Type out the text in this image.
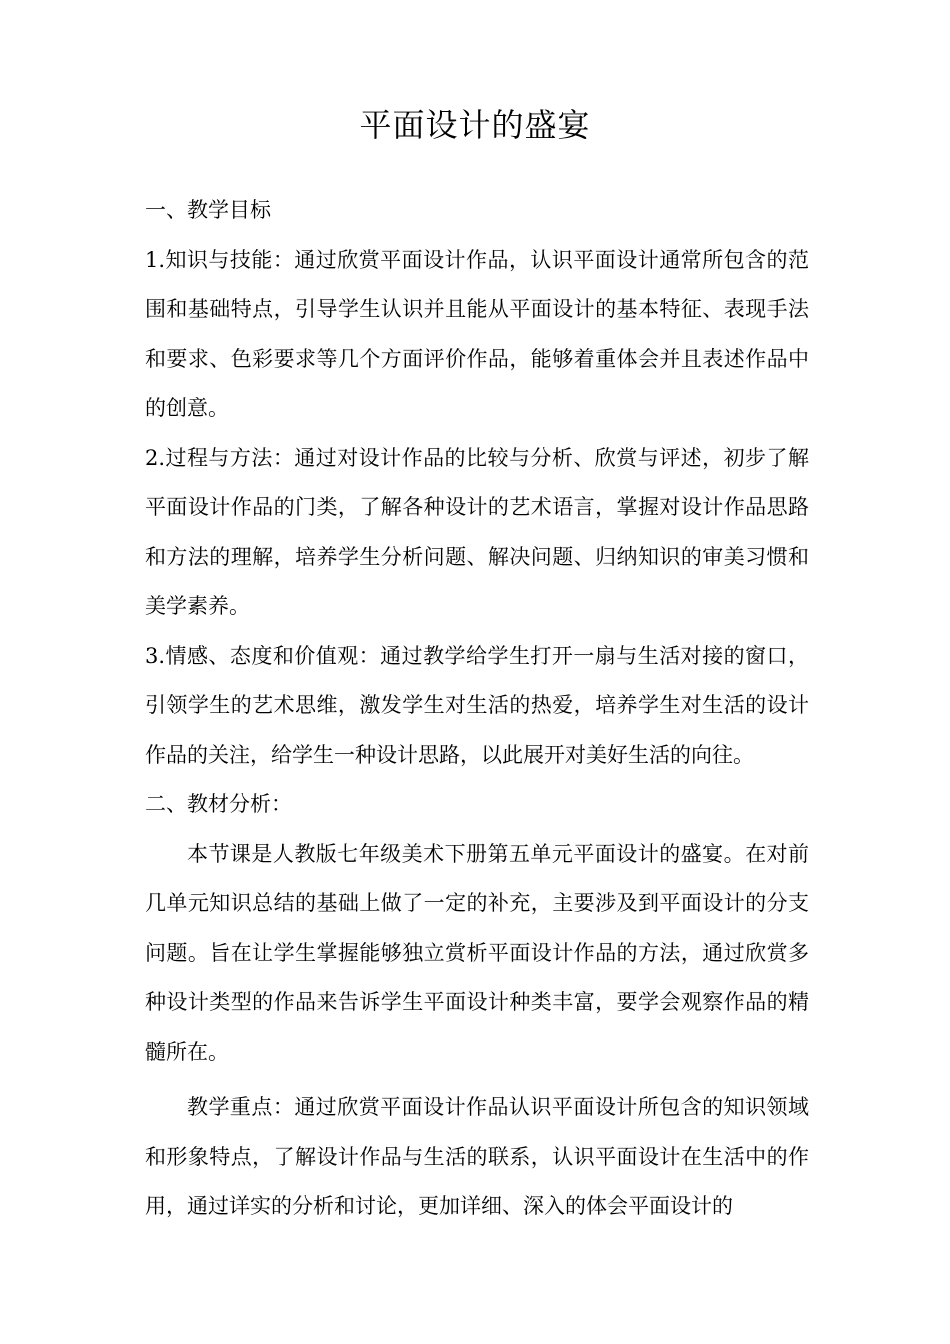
平面设计的盛宴

一、教学目标

1.知识与技能：通过欣赏平面设计作品，认识平面设计通常所包含的范围和基础特点，引导学生认识并且能从平面设计的基本特征、表现手法和要求、色彩要求等几个方面评价作品，能够着重体会并且表述作品中的创意。

2.过程与方法：通过对设计作品的比较与分析、欣赏与评述，初步了解平面设计作品的门类，了解各种设计的艺术语言，掌握对设计作品思路和方法的理解，培养学生分析问题、解决问题、归纳知识的审美习惯和美学素养。

3.情感、态度和价值观：通过教学给学生打开一扇与生活对接的窗口，引领学生的艺术思维，激发学生对生活的热爱，培养学生对生活的设计作品的关注，给学生一种设计思路，以此展开对美好生活的向往。

二、教材分析：

本节课是人教版七年级美术下册第五单元平面设计的盛宴。在对前几单元知识总结的基础上做了一定的补充，主要涉及到平面设计的分支问题。旨在让学生掌握能够独立赏析平面设计作品的方法，通过欣赏多种设计类型的作品来告诉学生平面设计种类丰富，要学会观察作品的精髓所在。

教学重点：通过欣赏平面设计作品认识平面设计所包含的知识领域和形象特点，了解设计作品与生活的联系，认识平面设计在生活中的作用，通过详实的分析和讨论，更加详细、深入的体会平面设计的
